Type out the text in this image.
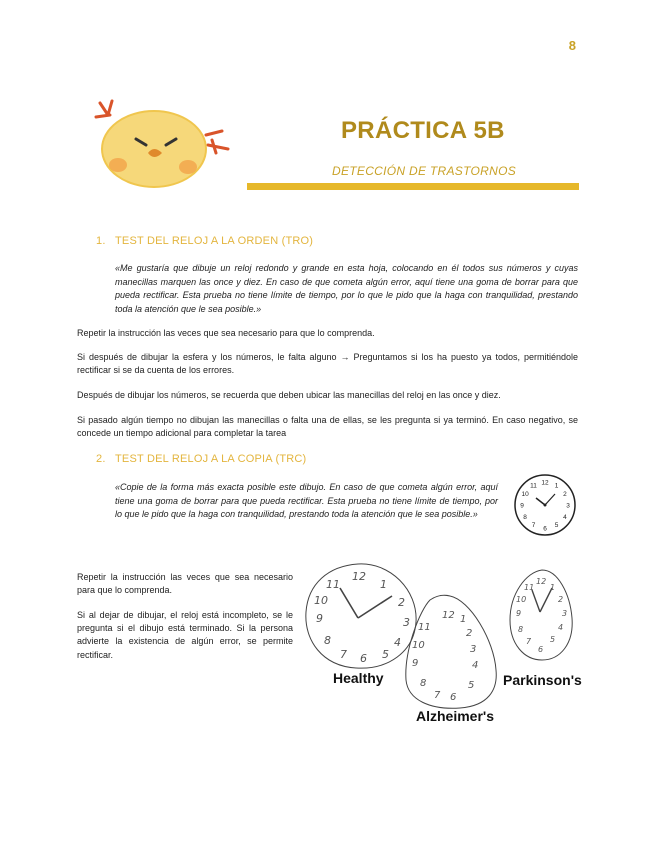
8
PRÁCTICA 5B
DETECCIÓN DE TRASTORNOS
1. TEST DEL RELOJ A LA ORDEN (TRO)
«Me gustaría que dibuje un reloj redondo y grande en esta hoja, colocando en él todos sus números y cuyas manecillas marquen las once y diez. En caso de que cometa algún error, aquí tiene una goma de borrar para que pueda rectificar. Esta prueba no tiene límite de tiempo, por lo que le pido que la haga con tranquilidad, prestando toda la atención que le sea posible.»
Repetir la instrucción las veces que sea necesario para que lo comprenda.
Si después de dibujar la esfera y los números, le falta alguno → Preguntamos si los ha puesto ya todos, permitiéndole rectificar si se da cuenta de los errores.
Después de dibujar los números, se recuerda que deben ubicar las manecillas del reloj en las once y diez.
Si pasado algún tiempo no dibujan las manecillas o falta una de ellas, se les pregunta si ya terminó. En caso negativo, se concede un tiempo adicional para completar la tarea
2. TEST DEL RELOJ A LA COPIA (TRC)
«Copie de la forma más exacta posible este dibujo. En caso de que cometa algún error, aquí tiene una goma de borrar para que pueda rectificar. Esta prueba no tiene límite de tiempo, por lo que le pido que la haga con tranquilidad, prestando toda la atención que le sea posible.»
12 1
2
3
4
5
6
7
8
9
10
11
Repetir la instrucción las veces que sea necesario para que lo comprenda.
Si al dejar de dibujar, el reloj está incompleto, se le pregunta si el dibujo está terminado. Si la persona advierte la existencia de algún error, se permite rectificar.
12
1
2
3
4
5
6
7
8
9
10
11
12 1
2
3
4
5
6
7
8
9
10
11
12
1
2
3
4
5
6
7
8
9
10
11
Healthy
Alzheimer's
Parkinson's
